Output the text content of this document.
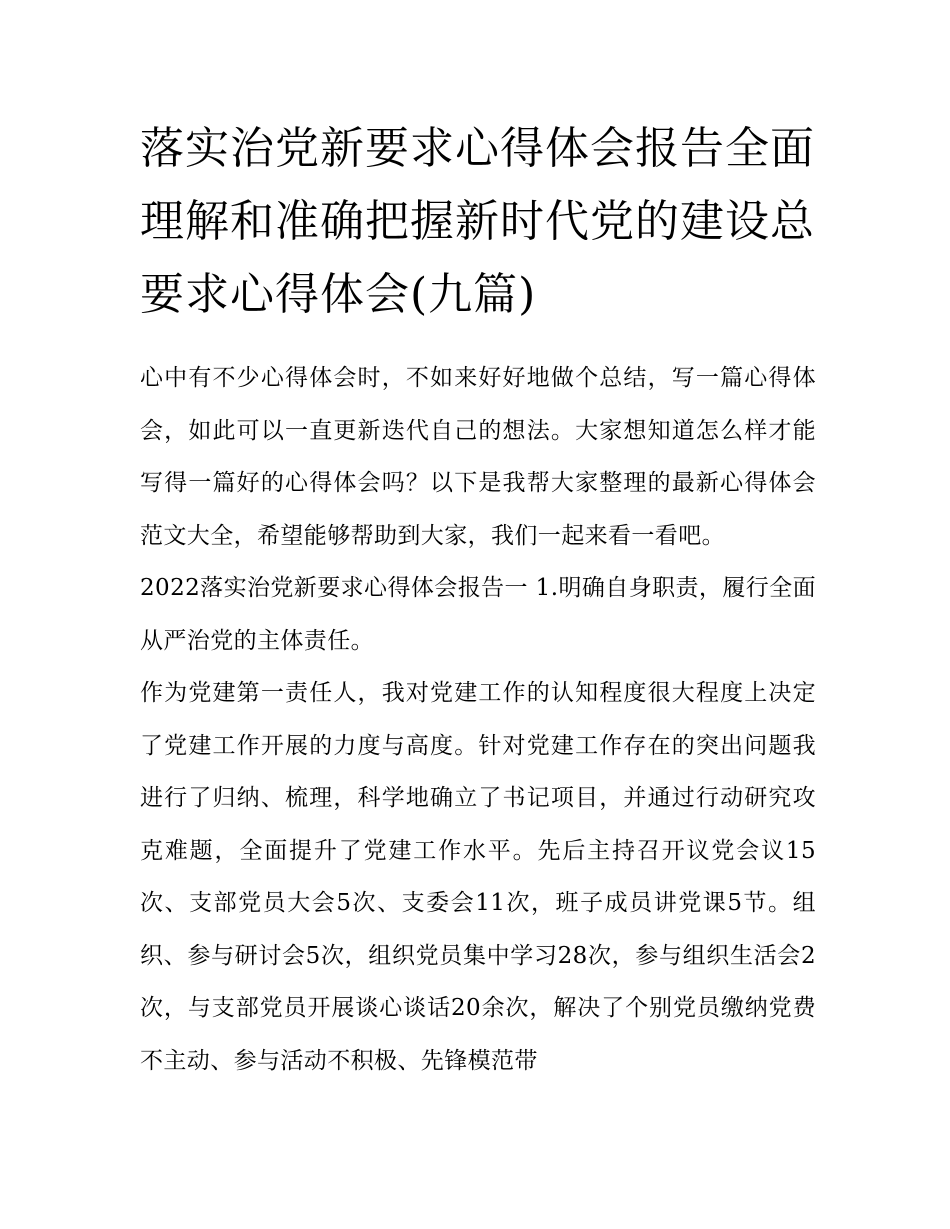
落实治党新要求心得体会报告全面理解和准确把握新时代党的建设总要求心得体会(九篇)

心中有不少心得体会时，不如来好好地做个总结，写一篇心得体会，如此可以一直更新迭代自己的想法。大家想知道怎么样才能写得一篇好的心得体会吗？以下是我帮大家整理的最新心得体会范文大全，希望能够帮助到大家，我们一起来看一看吧。

2022落实治党新要求心得体会报告一 1.明确自身职责，履行全面从严治党的主体责任。

作为党建第一责任人，我对党建工作的认知程度很大程度上决定了党建工作开展的力度与高度。针对党建工作存在的突出问题我进行了归纳、梳理，科学地确立了书记项目，并通过行动研究攻克难题，全面提升了党建工作水平。先后主持召开议党会议15次、支部党员大会5次、支委会11次，班子成员讲党课5节。组织、参与研讨会5次，组织党员集中学习28次，参与组织生活会2次，与支部党员开展谈心谈话20余次，解决了个别党员缴纳党费不主动、参与活动不积极、先锋模范带
